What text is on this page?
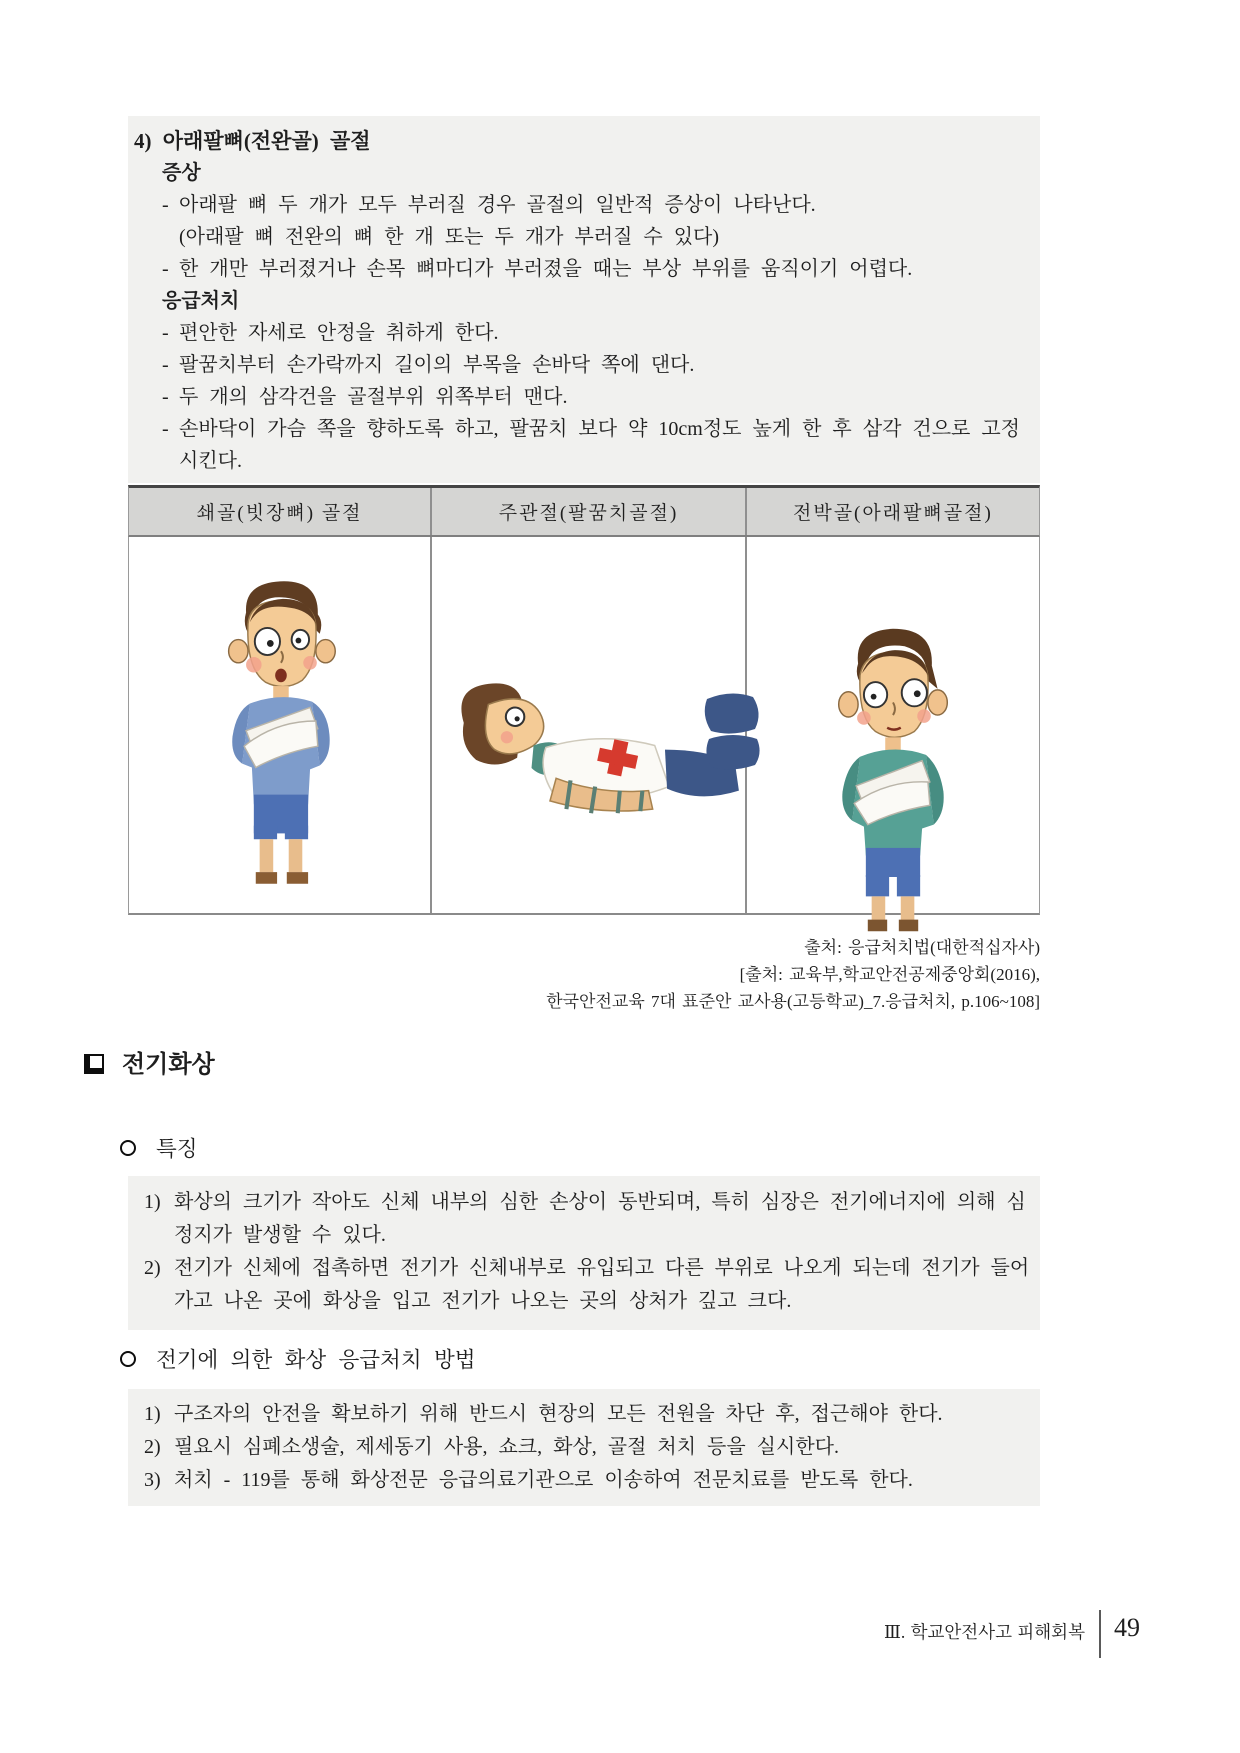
4) 아래팔뼈(전완골) 골절
증상
- 아래팔 뼈 두 개가 모두 부러질 경우 골절의 일반적 증상이 나타난다.
(아래팔 뼈 전완의 뼈 한 개 또는 두 개가 부러질 수 있다)
- 한 개만 부러졌거나 손목 뼈마디가 부러졌을 때는 부상 부위를 움직이기 어렵다.
응급처치
- 편안한 자세로 안정을 취하게 한다.
- 팔꿈치부터 손가락까지 길이의 부목을 손바닥 쪽에 댄다.
- 두 개의 삼각건을 골절부위 위쪽부터 맨다.
- 손바닥이 가슴 쪽을 향하도록 하고, 팔꿈치 보다 약 10cm정도 높게 한 후 삼각 건으로 고정시킨다.
쇄골(빗장뼈) 골절	주관절(팔꿈치골절)	전박골(아래팔뼈골절)
출처: 응급처치법(대한적십자사)
[출처: 교육부,학교안전공제중앙회(2016),
한국안전교육 7대 표준안 교사용(고등학교)_7.응급처치, p.106~108]
전기화상
특징
1) 화상의 크기가 작아도 신체 내부의 심한 손상이 동반되며, 특히 심장은 전기에너지에 의해 심정지가 발생할 수 있다.
2) 전기가 신체에 접촉하면 전기가 신체내부로 유입되고 다른 부위로 나오게 되는데 전기가 들어가고 나온 곳에 화상을 입고 전기가 나오는 곳의 상처가 깊고 크다.
전기에 의한 화상 응급처치 방법
1) 구조자의 안전을 확보하기 위해 반드시 현장의 모든 전원을 차단 후, 접근해야 한다.
2) 필요시 심폐소생술, 제세동기 사용, 쇼크, 화상, 골절 처치 등을 실시한다.
3) 처치 - 119를 통해 화상전문 응급의료기관으로 이송하여 전문치료를 받도록 한다.
Ⅲ. 학교안전사고 피해회복 49
